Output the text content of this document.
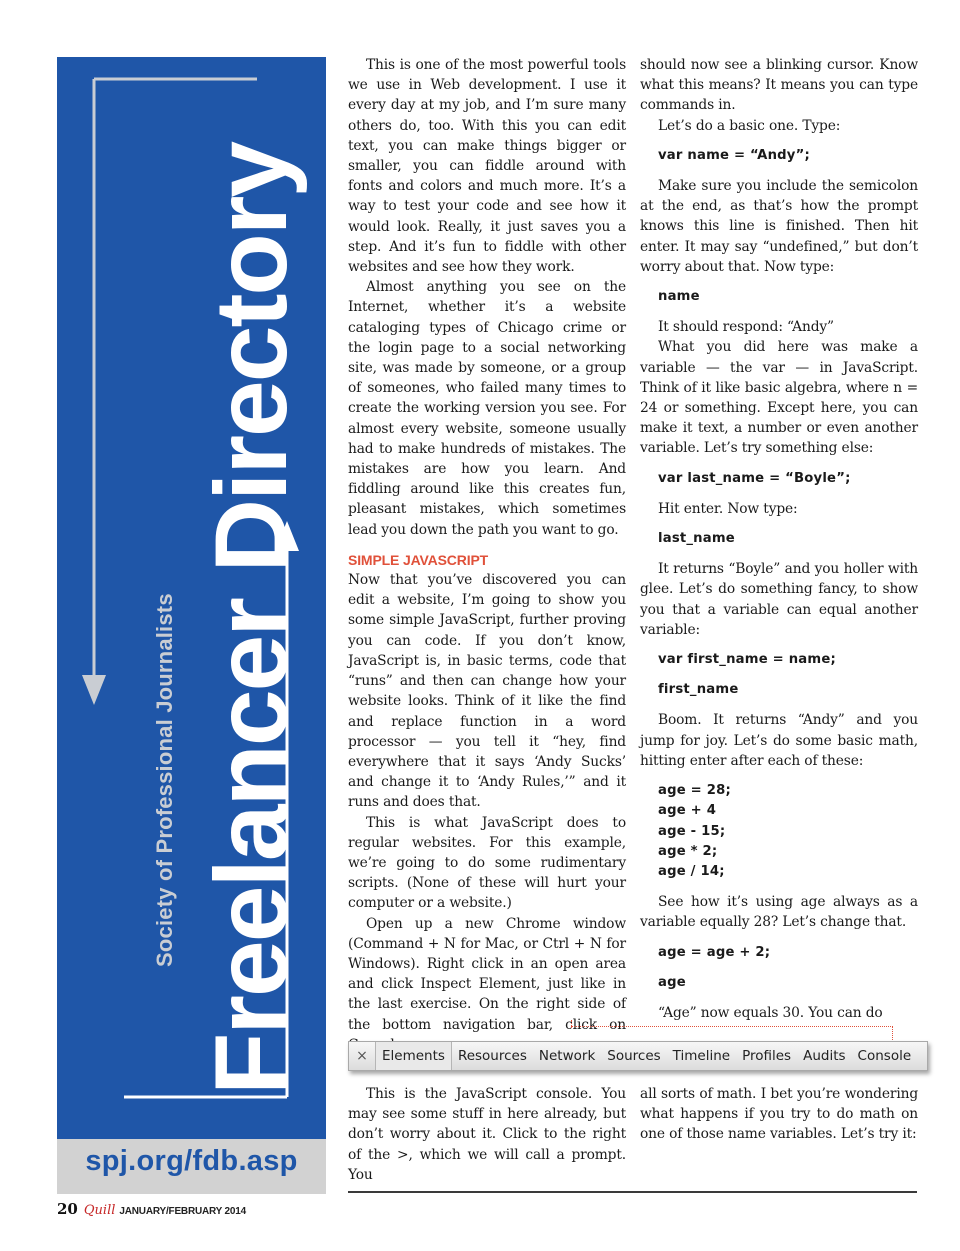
Society of Professional Journalists Freelancer Directory Where editors and freelancers meet.
spj.org/fdb.asp

This is one of the most powerful tools we use in Web development. I use it every day at my job, and I’m sure many others do, too. With this you can edit text, you can make things bigger or smaller, you can fiddle around with fonts and colors and much more. It’s a way to test your code and see how it would look. Really, it just saves you a step. And it’s fun to fiddle with other websites and see how they work.

Almost anything you see on the Internet, whether it’s a website cataloging types of Chicago crime or the login page to a social networking site, was made by someone, or a group of someones, who failed many times to create the working version you see. For almost every website, someone usually had to make hundreds of mistakes. The mistakes are how you learn. And fiddling around like this creates fun, pleasant mistakes, which sometimes lead you down the path you want to go.

SIMPLE JAVASCRIPT

Now that you’ve discovered you can edit a website, I’m going to show you some simple JavaScript, further proving you can code. If you don’t know, JavaScript is, in basic terms, code that “runs” and then can change how your website looks. Think of it like the find and replace function in a word processor — you tell it “hey, find everywhere that it says ‘Andy Sucks’ and change it to ‘Andy Rules,’” and it runs and does that.

This is what JavaScript does to regular websites. For this example, we’re going to do some rudimentary scripts. (None of these will hurt your computer or a website.)

Open up a new Chrome window (Command + N for Mac, or Ctrl + N for Windows). Right click in an open area and click Inspect Element, just like in the last exercise. On the right side of the bottom navigation bar, click on

should now see a blinking cursor. Know what this means? It means you can type commands in.

Let’s do a basic one. Type:

var name = “Andy”;

Make sure you include the semicolon at the end, as that’s how the prompt knows this line is finished. Then hit enter. It may say “undefined,” but don’t worry about that. Now type:

name

It should respond: “Andy”

What you did here was make a variable — the var — in JavaScript. Think of it like basic algebra, where n = 24 or something. Except here, you can make it text, a number or even another variable. Let’s try something else:

var last_name = “Boyle”;

Hit enter. Now type:

last_name

It returns “Boyle” and you holler with glee. Let’s do something fancy, to show you that a variable can equal another variable:

var first_name = name;

first_name

Boom. It returns “Andy” and you jump for joy. Let’s do some basic math, hitting enter after each of these:

age = 28;

age + 4

age - 15;

age * 2;

age / 14;

See how it’s using age always as a variable equally 28? Let’s change that.

age = age + 2;

age

“Age” now equals 30. You can do

×	Elements Resources Network Sources Timeline Profiles Audits Console

This is the JavaScript console. You may see some stuff in here already, but don’t worry about it. Click to the right of the >, which we will call a prompt. You

all sorts of math. I bet you’re wondering what happens if you try to do math on one of those name variables. Let’s try it:

20 Quill JANUARY/FEBRUARY 2014
